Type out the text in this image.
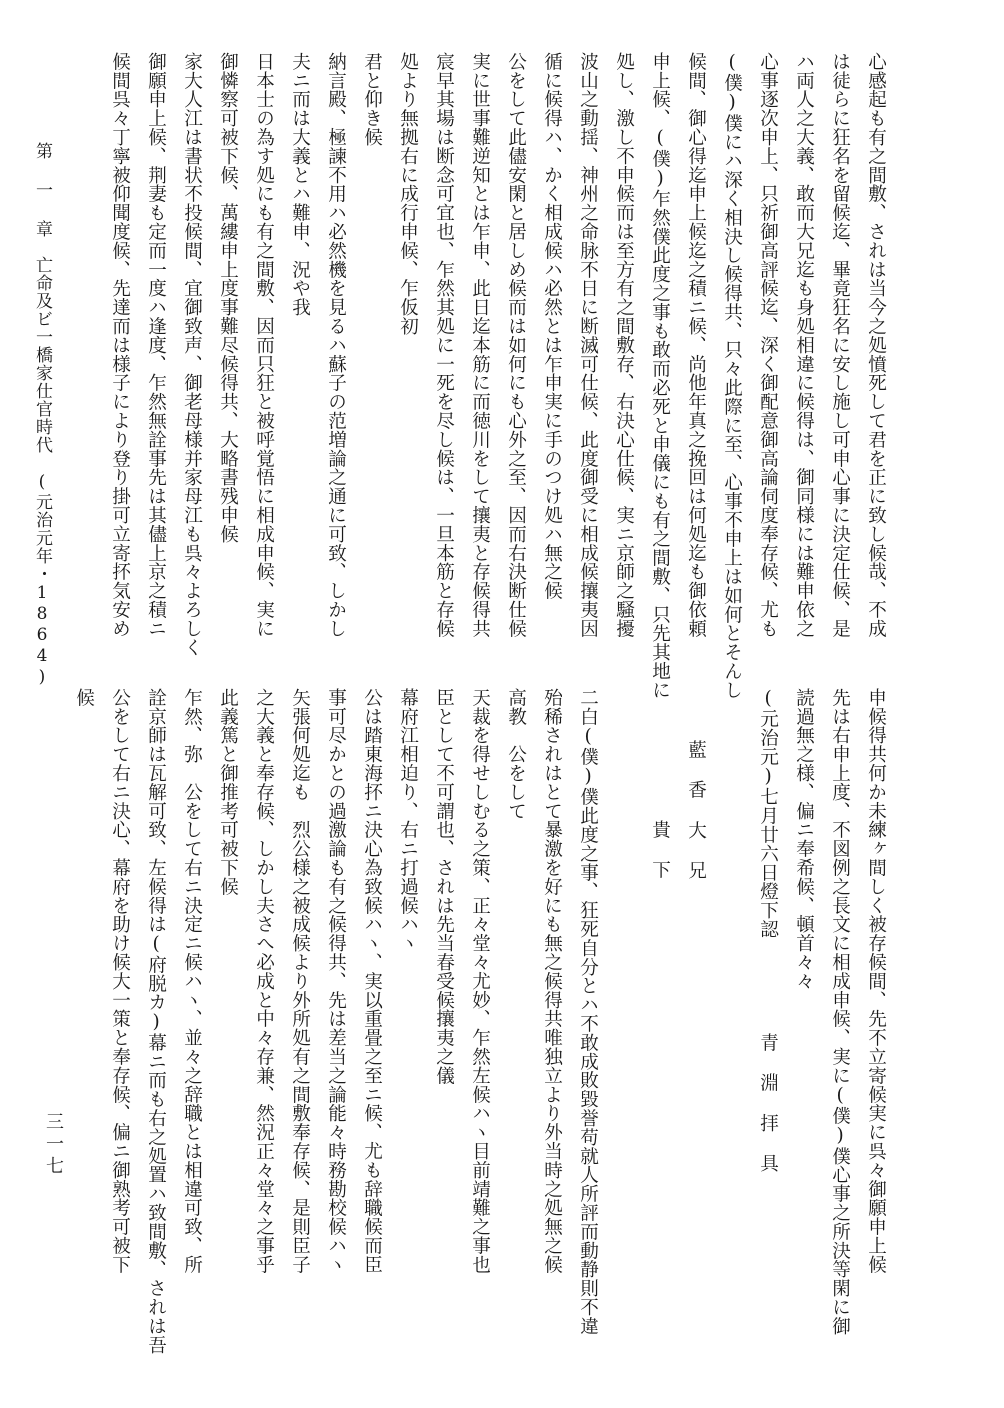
心感起も有之間敷、されは当今之処憤死して君を正に致し候哉、不成

は徒らに狂名を留候迄、畢竟狂名に安し施し可申心事に決定仕候、是

ハ両人之大義、敢而大兄迄も身処相違に候得は、御同様には難申依之

心事逐次申上、只祈御高評候迄、深く御配意御高論伺度奉存候、尤も

(僕)僕にハ深く相決し候得共、只々此際に至、心事不申上は如何とそんし

候間、御心得迄申上候迄之積ニ候、尚他年真之挽回は何処迄も御依頼

申上候、(僕)乍然僕此度之事も敢而必死と申儀にも有之間敷、只先其地に

処し、激し不申候而は至方有之間敷存、右決心仕候、実ニ京師之騒擾

波山之動揺、神州之命脉不日に断滅可仕候、此度御受に相成候攘夷因

循に候得ハ、かく相成候ハ必然とは乍申実に手のつけ処ハ無之候

公をして此儘安閑と居しめ候而は如何にも心外之至、因而右決断仕候

実に世事難逆知とは乍申、此日迄本筋に而徳川をして攘夷と存候得共

宸早其場は断念可宜也、乍然其処に一死を尽し候は、一旦本筋と存候

処より無拠右に成行申候、乍仮初

君と仰き候

納言殿、極諫不用ハ必然機を見るハ蘇子の范増論之通に可致、しかし

夫ニ而は大義とハ難申、況や我

日本士の為す処にも有之間敷、因而只狂と被呼覚悟に相成申候、実に

御憐察可被下候、萬縷申上度事難尽候得共、大略書残申候

家大人江は書状不投候間、宜御致声、御老母様并家母江も呉々よろしく

御願申上候、荆妻も定而一度ハ逢度、乍然無詮事先は其儘上京之積ニ

候間呉々丁寧被仰聞度候、先達而は様子により登り掛可立寄抔気安め

申候得共何か未練ヶ間しく被存候間、先不立寄候実に呉々御願申上候

先は右申上度、不図例之長文に相成申候、実に(僕)僕心事之所決等閑に御

読過無之様、偏ニ奉希候、頓首々々

(元治元)七月廿六日燈下認　　　　　青 淵 拝 具

藍 香 大 兄

貴 下

二白(僕)僕此度之事、狂死自分とハ不敢成敗毀誉苟就人所評而動静則不違

殆稀されはとて暴激を好にも無之候得共唯独立より外当時之処無之候

高教　公をして

天裁を得せしむる之策、正々堂々尤妙、乍然左候ハヽ目前靖難之事也

臣として不可謂也、されは先当春受候攘夷之儀

幕府江相迫り、右ニ打過候ハヽ

公は踏東海抔ニ決心為致候ハヽ、実以重畳之至ニ候、尤も辞職候而臣

事可尽かとの過激論も有之候得共、先は差当之論能々時務勘校候ハヽ

矢張何処迄も　烈公様之被成候より外所処有之間敷奉存候、是則臣子

之大義と奉存候、しかし夫さへ必成と中々存兼、然況正々堂々之事乎

此義篤と御推考可被下候

乍然、弥　公をして右ニ決定ニ候ハヽ、並々之辞職とは相違可致、所

詮京師は瓦解可致、左候得は(府脱カ)幕ニ而も右之処置ハ致間敷、されは吾

公をして右ニ決心、幕府を助け候大一策と奉存候、偏ニ御熟考可被下

候

第 一 章　亡命及ビ一橋家仕官時代　(元治元年・1864)
三一七
